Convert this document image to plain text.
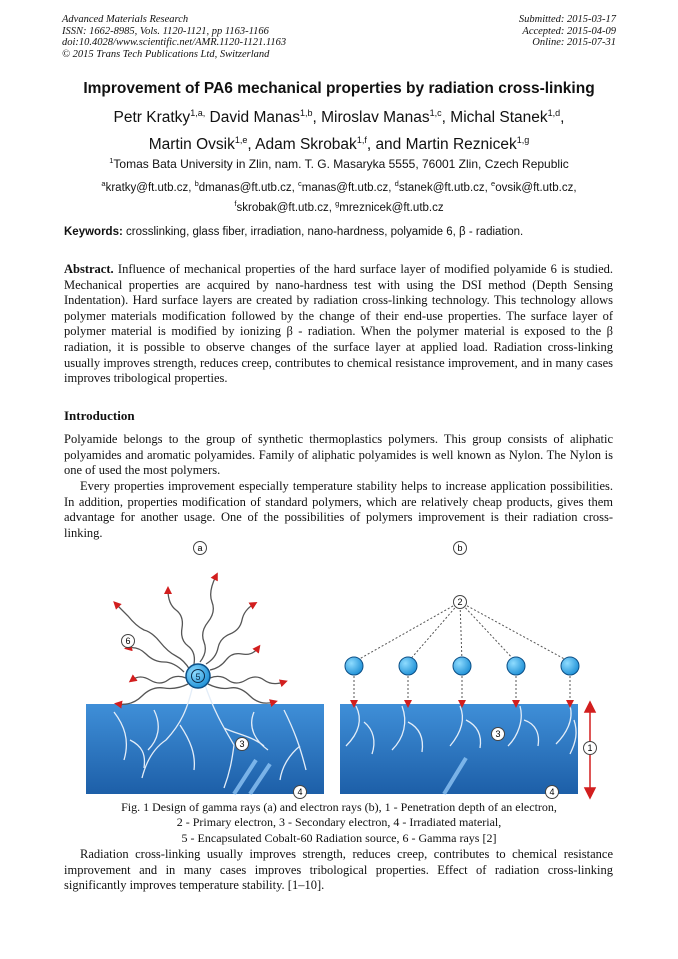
Advanced Materials Research
ISSN: 1662-8985, Vols. 1120-1121, pp 1163-1166
doi:10.4028/www.scientific.net/AMR.1120-1121.1163
© 2015 Trans Tech Publications Ltd, Switzerland
Submitted: 2015-03-17
Accepted: 2015-04-09
Online: 2015-07-31
Improvement of PA6 mechanical properties by radiation cross-linking
Petr Kratky$^{1,a,}$ David Manas$^{1,b}$, Miroslav Manas$^{1,c}$, Michal Stanek$^{1,d}$,
Martin Ovsik$^{1,e}$, Adam Skrobak$^{1,f}$, and Martin Reznicek$^{1,g}$
$^1$Tomas Bata University in Zlin, nam. T. G. Masaryka 5555, 76001 Zlin, Czech Republic
$^a$kratky@ft.utb.cz, $^b$dmanas@ft.utb.cz, $^c$manas@ft.utb.cz, $^d$stanek@ft.utb.cz, $^e$ovsik@ft.utb.cz,
$^f$skrobak@ft.utb.cz, $^g$mreznicek@ft.utb.cz
Keywords: crosslinking, glass fiber, irradiation, nano-hardness, polyamide 6, β - radiation.
Abstract. Influence of mechanical properties of the hard surface layer of modified polyamide 6 is studied. Mechanical properties are acquired by nano-hardness test with using the DSI method (Depth Sensing Indentation). Hard surface layers are created by radiation cross-linking technology. This technology allows polymer materials modification followed by the change of their end-use properties. The surface layer of polymer material is modified by ionizing β - radiation. When the polymer material is exposed to the β radiation, it is possible to observe changes of the surface layer at applied load. Radiation cross-linking usually improves strength, reduces creep, contributes to chemical resistance improvement, and in many cases improves tribological properties.
Introduction
Polyamide belongs to the group of synthetic thermoplastics polymers. This group consists of aliphatic polyamides and aromatic polyamides. Family of aliphatic polyamides is well known as Nylon. The Nylon is one of used the most polymers.
Every properties improvement especially temperature stability helps to increase application possibilities. In addition, properties modification of standard polymers, which are relatively cheap products, gives them advantage for another usage. One of the possibilities of polymers improvement is their radiation cross-linking.
5
a
6
3
4
b
2
3
1
4
Fig. 1 Design of gamma rays (a) and electron rays (b), 1 - Penetration depth of an electron,
2 - Primary electron, 3 - Secondary electron, 4 - Irradiated material,
5 - Encapsulated Cobalt-60 Radiation source, 6 - Gamma rays [2]
Radiation cross-linking usually improves strength, reduces creep, contributes to chemical resistance improvement and in many cases improves tribological properties. Effect of radiation cross-linking significantly improves temperature stability. [1–10].
